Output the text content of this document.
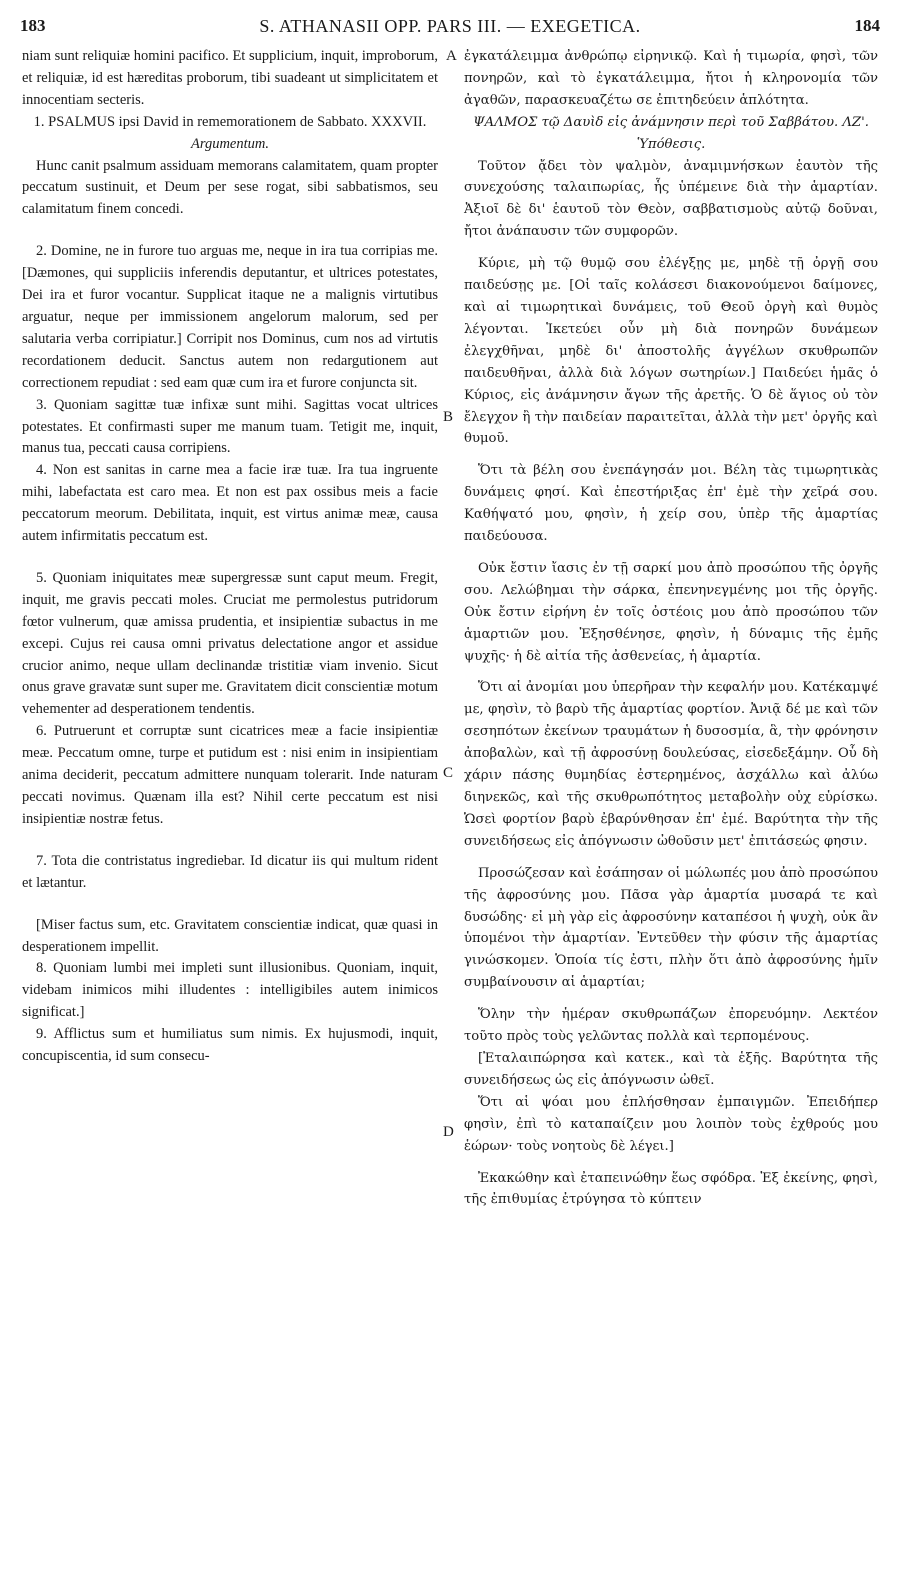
183	S. ATHANASII OPP. PARS III. — EXEGETICA.	184
A
B
C
D

niam sunt reliquiæ homini pacifico. Et supplicium, inquit, improborum, et reliquiæ, id est hæreditas proborum, tibi suadeant ut simplicitatem et innocentiam secteris.

1. PSALMUS ipsi David in rememorationem de Sabbato. XXXVII.

Argumentum.

Hunc canit psalmum assiduam memorans calamitatem, quam propter peccatum sustinuit, et Deum per sese rogat, sibi sabbatismos, seu calamitatum finem concedi.

2. Domine, ne in furore tuo arguas me, neque in ira tua corripias me. [Dæmones, qui suppliciis inferendis deputantur, et ultrices potestates, Dei ira et furor vocantur. Supplicat itaque ne a malignis virtutibus arguatur, neque per immissionem angelorum malorum, sed per salutaria verba corripiatur.] Corripit nos Dominus, cum nos ad virtutis recordationem deducit. Sanctus autem non redargutionem aut correctionem repudiat : sed eam quæ cum ira et furore conjuncta sit.

3. Quoniam sagittæ tuæ infixæ sunt mihi. Sagittas vocat ultrices potestates. Et confirmasti super me manum tuam. Tetigit me, inquit, manus tua, peccati causa corripiens.

4. Non est sanitas in carne mea a facie iræ tuæ. Ira tua ingruente mihi, labefactata est caro mea. Et non est pax ossibus meis a facie peccatorum meorum. Debilitata, inquit, est virtus animæ meæ, causa autem infirmitatis peccatum est.

5. Quoniam iniquitates meæ supergressæ sunt caput meum. Fregit, inquit, me gravis peccati moles. Cruciat me permolestus putridorum fœtor vulnerum, quæ amissa prudentia, et insipientiæ subactus in me excepi. Cujus rei causa omni privatus delectatione angor et assidue crucior animo, neque ullam declinandæ tristitiæ viam invenio. Sicut onus grave gravatæ sunt super me. Gravitatem dicit conscientiæ motum vehementer ad desperationem tendentis.

6. Putruerunt et corruptæ sunt cicatrices meæ a facie insipientiæ meæ. Peccatum omne, turpe et putidum est : nisi enim in insipientiam anima deciderit, peccatum admittere nunquam tolerarit. Inde naturam peccati novimus. Quænam illa est? Nihil certe peccatum est nisi insipientiæ nostræ fetus.

7. Tota die contristatus ingrediebar. Id dicatur iis qui multum rident et lætantur.

[Miser factus sum, etc. Gravitatem conscientiæ indicat, quæ quasi in desperationem impellit.

8. Quoniam lumbi mei impleti sunt illusionibus. Quoniam, inquit, videbam inimicos mihi illudentes : intelligibiles autem inimicos significat.]

9. Afflictus sum et humiliatus sum nimis. Ex hujusmodi, inquit, concupiscentia, id sum consecu-

ἐγκατάλειμμα ἀνθρώπῳ εἰρηνικῷ. Καὶ ἡ τιμωρία, φησὶ, τῶν πονηρῶν, καὶ τὸ ἐγκατάλειμμα, ἤτοι ἡ κληρονομία τῶν ἀγαθῶν, παρασκευαζέτω σε ἐπιτηδεύειν ἁπλότητα.

ΨΑΛΜΟΣ τῷ Δαυὶδ εἰς ἀνάμνησιν περὶ τοῦ Σαββάτου. ΛΖ'.

Ὑπόθεσις.

Τοῦτον ᾄδει τὸν ψαλμὸν, ἀναμιμνήσκων ἑαυτὸν τῆς συνεχούσης ταλαιπωρίας, ἧς ὑπέμεινε διὰ τὴν ἁμαρτίαν. Ἀξιοῖ δὲ δι' ἑαυτοῦ τὸν Θεὸν, σαββατισμοὺς αὐτῷ δοῦναι, ἤτοι ἀνάπαυσιν τῶν συμφορῶν.

Κύριε, μὴ τῷ θυμῷ σου ἐλέγξῃς με, μηδὲ τῇ ὀργῇ σου παιδεύσῃς με. [Οἱ ταῖς κολάσεσι διακονούμενοι δαίμονες, καὶ αἱ τιμωρητικαὶ δυνάμεις, τοῦ Θεοῦ ὀργὴ καὶ θυμὸς λέγονται. Ἱκετεύει οὖν μὴ διὰ πονηρῶν δυνάμεων ἐλεγχθῆναι, μηδὲ δι' ἀποστολῆς ἀγγέλων σκυθρωπῶν παιδευθῆναι, ἀλλὰ διὰ λόγων σωτηρίων.] Παιδεύει ἡμᾶς ὁ Κύριος, εἰς ἀνάμνησιν ἄγων τῆς ἀρετῆς. Ὁ δὲ ἅγιος οὐ τὸν ἔλεγχον ἢ τὴν παιδείαν παραιτεῖται, ἀλλὰ τὴν μετ' ὀργῆς καὶ θυμοῦ.

Ὅτι τὰ βέλη σου ἐνεπάγησάν μοι. Βέλη τὰς τιμωρητικὰς δυνάμεις φησί. Καὶ ἐπεστήριξας ἐπ' ἐμὲ τὴν χεῖρά σου. Καθήψατό μου, φησὶν, ἡ χείρ σου, ὑπὲρ τῆς ἁμαρτίας παιδεύουσα.

Οὐκ ἔστιν ἴασις ἐν τῇ σαρκί μου ἀπὸ προσώπου τῆς ὀργῆς σου. Λελώβημαι τὴν σάρκα, ἐπενηνεγμένης μοι τῆς ὀργῆς. Οὐκ ἔστιν εἰρήνη ἐν τοῖς ὀστέοις μου ἀπὸ προσώπου τῶν ἁμαρτιῶν μου. Ἐξησθένησε, φησὶν, ἡ δύναμις τῆς ἐμῆς ψυχῆς· ἡ δὲ αἰτία τῆς ἀσθενείας, ἡ ἁμαρτία.

Ὅτι αἱ ἀνομίαι μου ὑπερῆραν τὴν κεφαλήν μου. Κατέκαμψέ με, φησὶν, τὸ βαρὺ τῆς ἁμαρτίας φορτίον. Ἀνιᾷ δέ με καὶ τῶν σεσηπότων ἐκείνων τραυμάτων ἡ δυσοσμία, ἃ, τὴν φρόνησιν ἀποβαλὼν, καὶ τῇ ἀφροσύνῃ δουλεύσας, εἰσεδεξάμην. Οὗ δὴ χάριν πάσης θυμηδίας ἐστερημένος, ἀσχάλλω καὶ ἀλύω διηνεκῶς, καὶ τῆς σκυθρωπότητος μεταβολὴν οὐχ εὑρίσκω. Ὡσεὶ φορτίον βαρὺ ἐβαρύνθησαν ἐπ' ἐμέ. Βαρύτητα τὴν τῆς συνειδήσεως εἰς ἀπόγνωσιν ὠθοῦσιν μετ' ἐπιτάσεώς φησιν.

Προσώζεσαν καὶ ἐσάπησαν οἱ μώλωπές μου ἀπὸ προσώπου τῆς ἀφροσύνης μου. Πᾶσα γὰρ ἁμαρτία μυσαρά τε καὶ δυσώδης· εἰ μὴ γὰρ εἰς ἀφροσύνην καταπέσοι ἡ ψυχὴ, οὐκ ἂν ὑπομένοι τὴν ἁμαρτίαν. Ἐντεῦθεν τὴν φύσιν τῆς ἁμαρτίας γινώσκομεν. Ὁποία τίς ἐστι, πλὴν ὅτι ἀπὸ ἀφροσύνης ἡμῖν συμβαίνουσιν αἱ ἁμαρτίαι;

Ὅλην τὴν ἡμέραν σκυθρωπάζων ἐπορευόμην. Λεκτέον τοῦτο πρὸς τοὺς γελῶντας πολλὰ καὶ τερπομένους.

[Ἐταλαιπώρησα καὶ κατεκ., καὶ τὰ ἑξῆς. Βαρύτητα τῆς συνειδήσεως ὡς εἰς ἀπόγνωσιν ὠθεῖ.

Ὅτι αἱ ψόαι μου ἐπλήσθησαν ἐμπαιγμῶν. Ἐπειδήπερ φησὶν, ἐπὶ τὸ καταπαίζειν μου λοιπὸν τοὺς ἐχθρούς μου ἑώρων· τοὺς νοητοὺς δὲ λέγει.]

Ἐκακώθην καὶ ἐταπεινώθην ἕως σφόδρα. Ἐξ ἐκείνης, φησὶ, τῆς ἐπιθυμίας ἐτρύγησα τὸ κύπτειν
